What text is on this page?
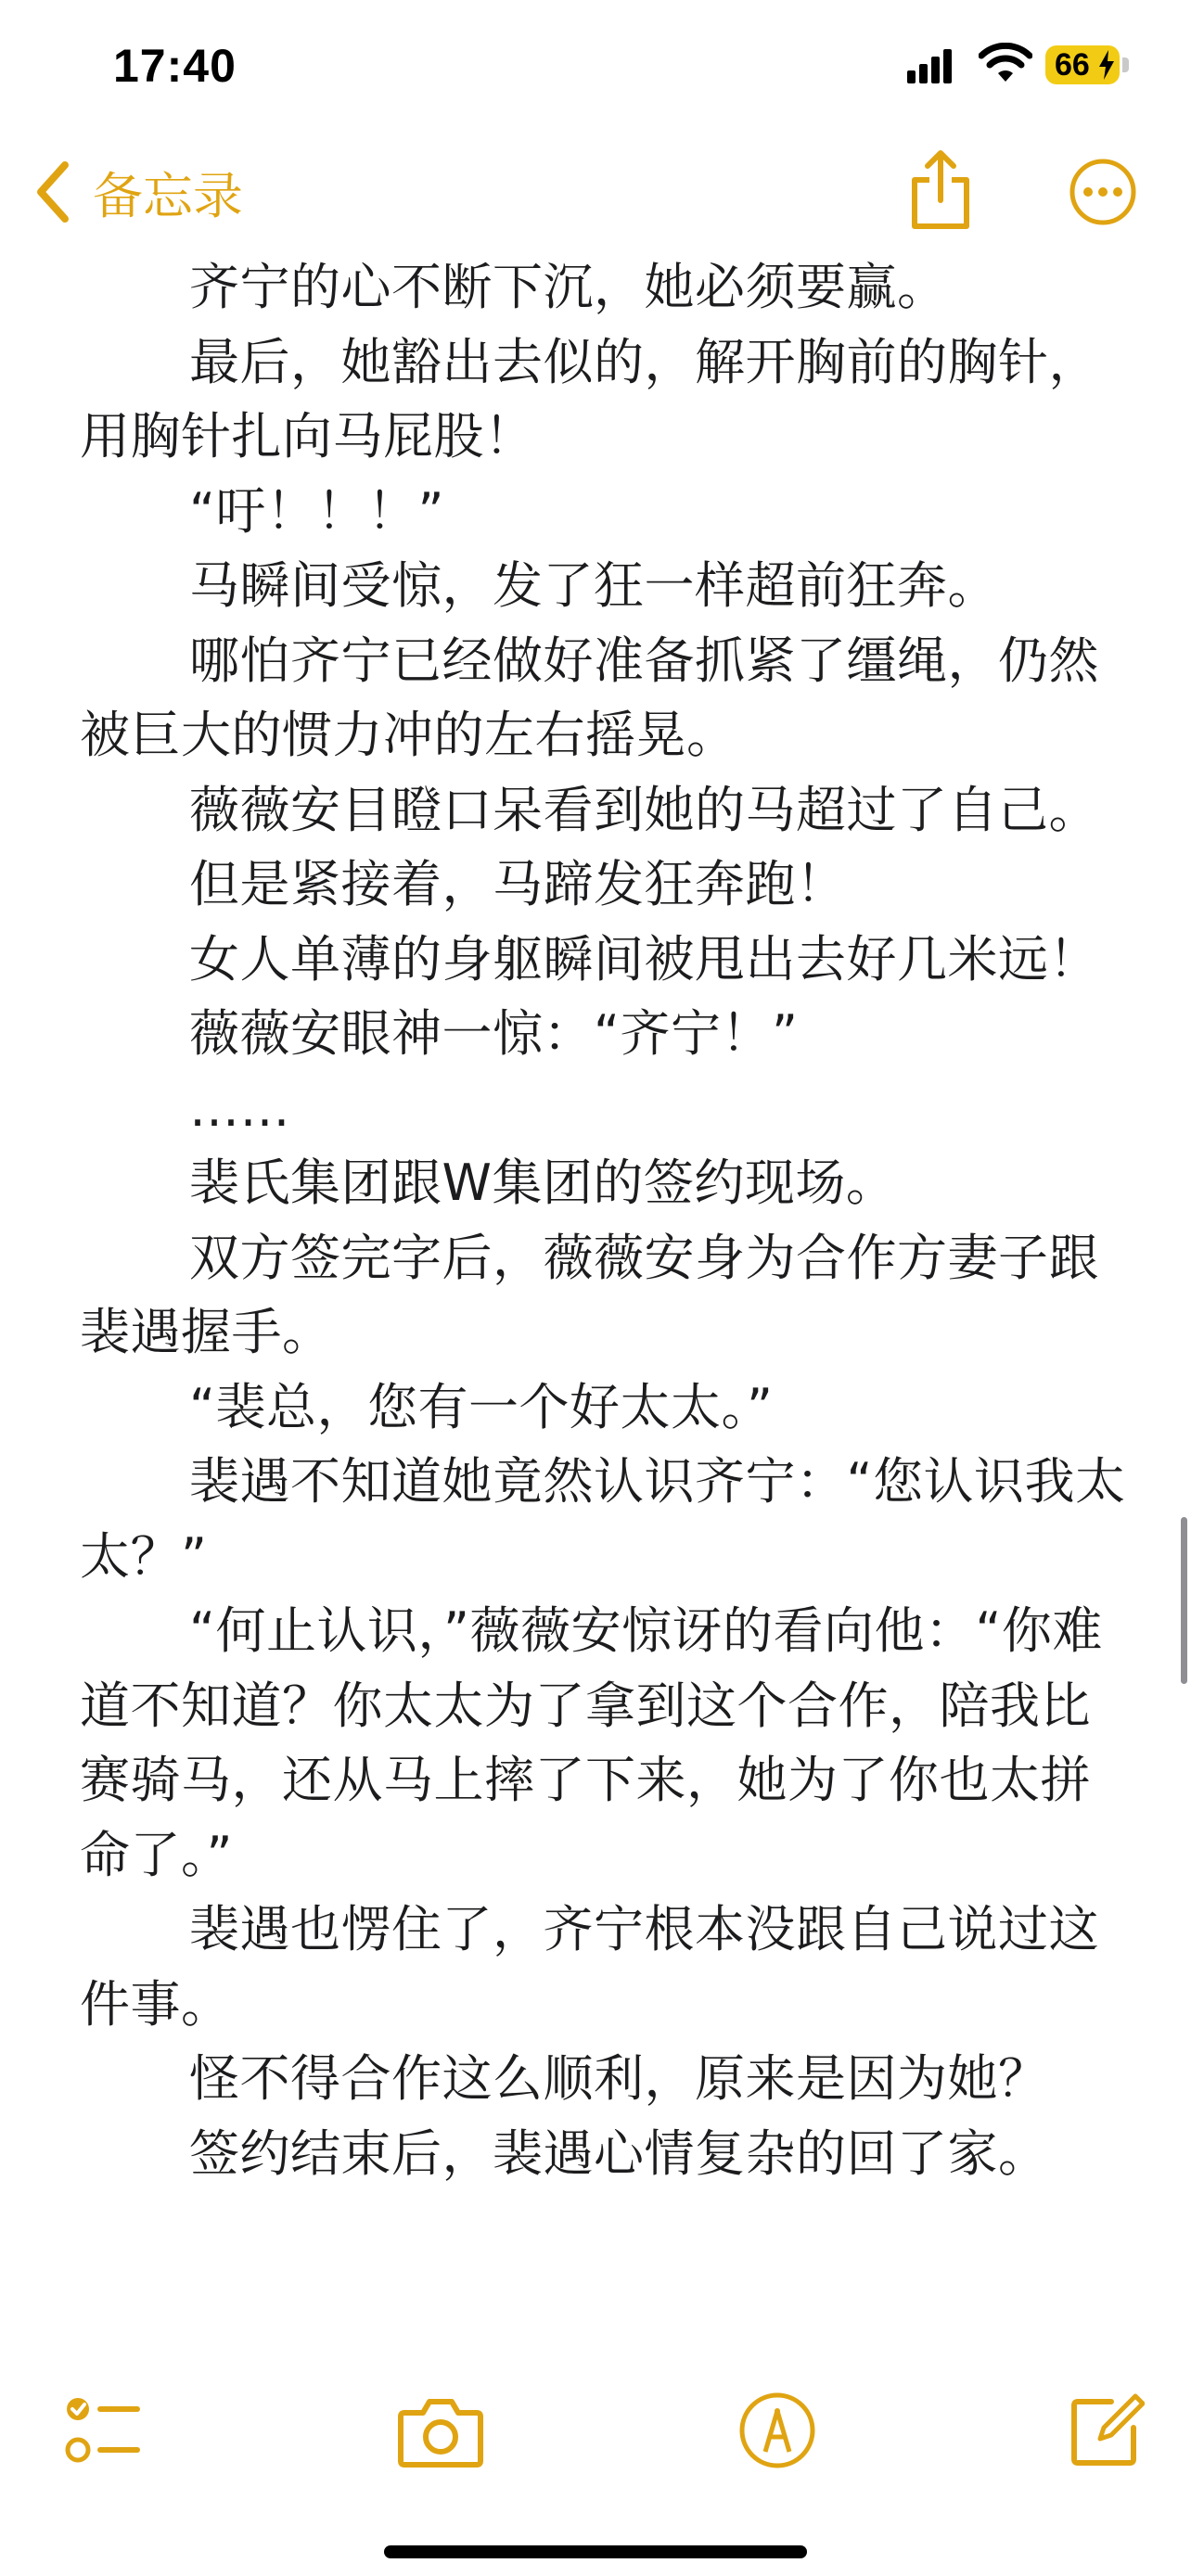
17:40	66
备忘录

齐宁的心不断下沉，她必须要赢。

最后，她豁出去似的，解开胸前的胸针，用胸针扎向马屁股！

“吁！！！”

马瞬间受惊，发了狂一样超前狂奔。

哪怕齐宁已经做好准备抓紧了缰绳，仍然被巨大的惯力冲的左右摇晃。

薇薇安目瞪口呆看到她的马超过了自己。

但是紧接着，马蹄发狂奔跑！

女人单薄的身躯瞬间被甩出去好几米远！

薇薇安眼神一惊：“齐宁！”

……

裴氏集团跟W集团的签约现场。

双方签完字后，薇薇安身为合作方妻子跟裴遇握手。

“裴总，您有一个好太太。”

裴遇不知道她竟然认识齐宁：“您认识我太太？”

“何止认识，”薇薇安惊讶的看向他：“你难道不知道？你太太为了拿到这个合作，陪我比赛骑马，还从马上摔了下来，她为了你也太拼命了。”

裴遇也愣住了，齐宁根本没跟自己说过这件事。

怪不得合作这么顺利，原来是因为她？

签约结束后，裴遇心情复杂的回了家。
